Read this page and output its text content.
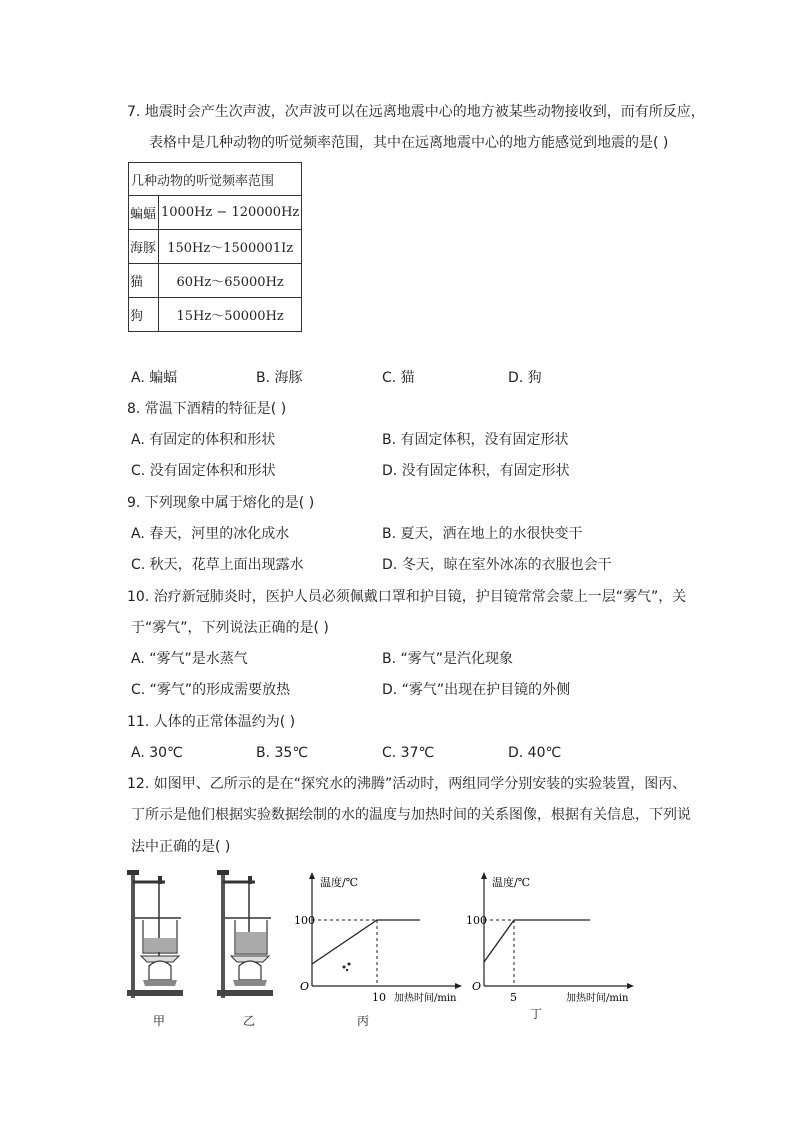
7. 地震时会产生次声波，次声波可以在远离地震中心的地方被某些动物接收到，而有所反应，
表格中是几种动物的听觉频率范围，其中在远离地震中心的地方能感觉到地震的是( )
几种动物的听觉频率范围	
蝙蝠	1000Hz − 120000Hz
海豚	150Hz～1500001Iz
猫	60Hz～65000Hz
狗	15Hz～50000Hz
A. 蝙蝠	B. 海豚	C. 猫	D. 狗
8. 常温下酒精的特征是( )
A. 有固定的体积和形状	B. 有固定体积，没有固定形状
C. 没有固定体积和形状	D. 没有固定体积，有固定形状
9. 下列现象中属于熔化的是( )
A. 春天，河里的冰化成水	B. 夏天，洒在地上的水很快变干
C. 秋天，花草上面出现露水	D. 冬天，晾在室外冰冻的衣服也会干
10. 治疗新冠肺炎时，医护人员必须佩戴口罩和护目镜，护目镜常常会蒙上一层“雾气”，关
于“雾气”，下列说法正确的是( )
A. “雾气”是水蒸气	B. “雾气”是汽化现象
C. “雾气”的形成需要放热	D. “雾气”出现在护目镜的外侧
11. 人体的正常体温约为( )
A. 30℃	B. 35℃	C. 37℃	D. 40℃
12. 如图甲、乙所示的是在“探究水的沸腾”活动时，两组同学分别安装的实验装置，图丙、
丁所示是他们根据实验数据绘制的水的温度与加热时间的关系图像，根据有关信息，下列说
法中正确的是( )
温度/℃
100
O
10 加热时间/min
温度/℃
100
O
5	加热时间/min
甲	乙	丙	丁
